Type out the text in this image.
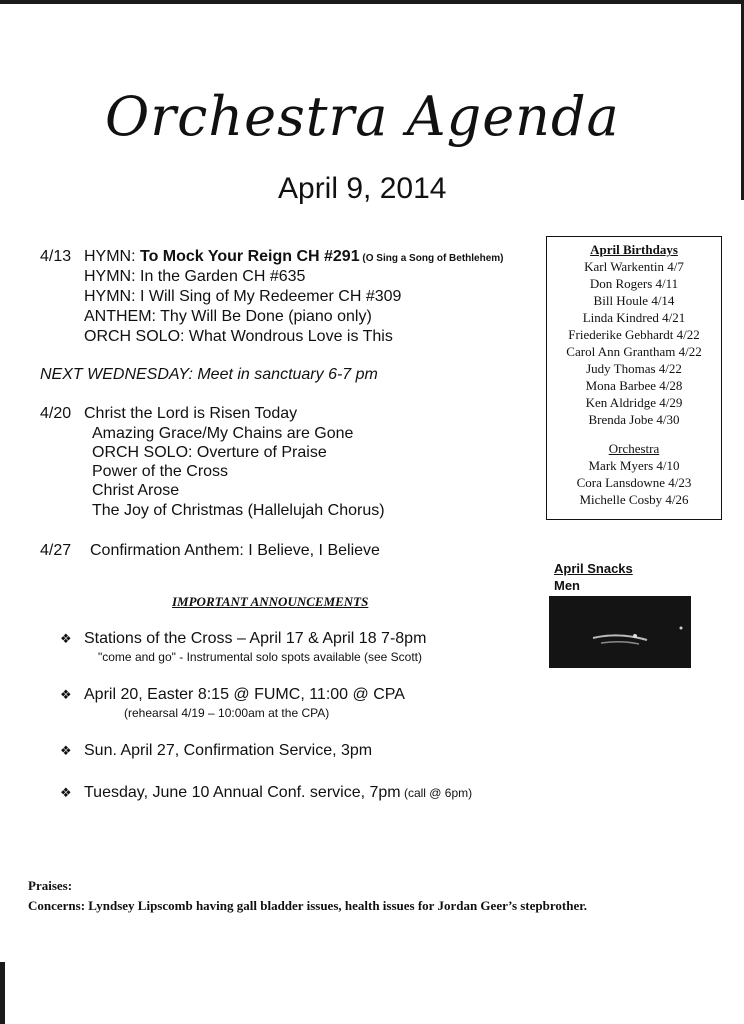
Orchestra Agenda
April 9, 2014
4/13 HYMN: To Mock Your Reign CH #291 (O Sing a Song of Bethlehem)
HYMN: In the Garden CH #635
HYMN: I Will Sing of My Redeemer CH #309
ANTHEM: Thy Will Be Done (piano only)
ORCH SOLO: What Wondrous Love is This
NEXT WEDNESDAY: Meet in sanctuary 6-7 pm
4/20 Christ the Lord is Risen Today
Amazing Grace/My Chains are Gone
ORCH SOLO: Overture of Praise
Power of the Cross
Christ Arose
The Joy of Christmas (Hallelujah Chorus)
4/27 Confirmation Anthem: I Believe, I Believe
April Birthdays
Karl Warkentin 4/7
Don Rogers 4/11
Bill Houle 4/14
Linda Kindred 4/21
Friederike Gebhardt 4/22
Carol Ann Grantham 4/22
Judy Thomas 4/22
Mona Barbee 4/28
Ken Aldridge 4/29
Brenda Jobe 4/30
Orchestra
Mark Myers 4/10
Cora Lansdowne 4/23
Michelle Cosby 4/26
April Snacks
Men
IMPORTANT ANNOUNCEMENTS
❖ Stations of the Cross – April 17 & April 18 7-8pm
"come and go" - Instrumental solo spots available (see Scott)
❖ April 20, Easter 8:15 @ FUMC, 11:00 @ CPA
(rehearsal 4/19 – 10:00am at the CPA)
❖ Sun. April 27, Confirmation Service, 3pm
❖ Tuesday, June 10 Annual Conf. service, 7pm (call @ 6pm)
Praises:
Concerns: Lyndsey Lipscomb having gall bladder issues, health issues for Jordan Geer’s stepbrother.
